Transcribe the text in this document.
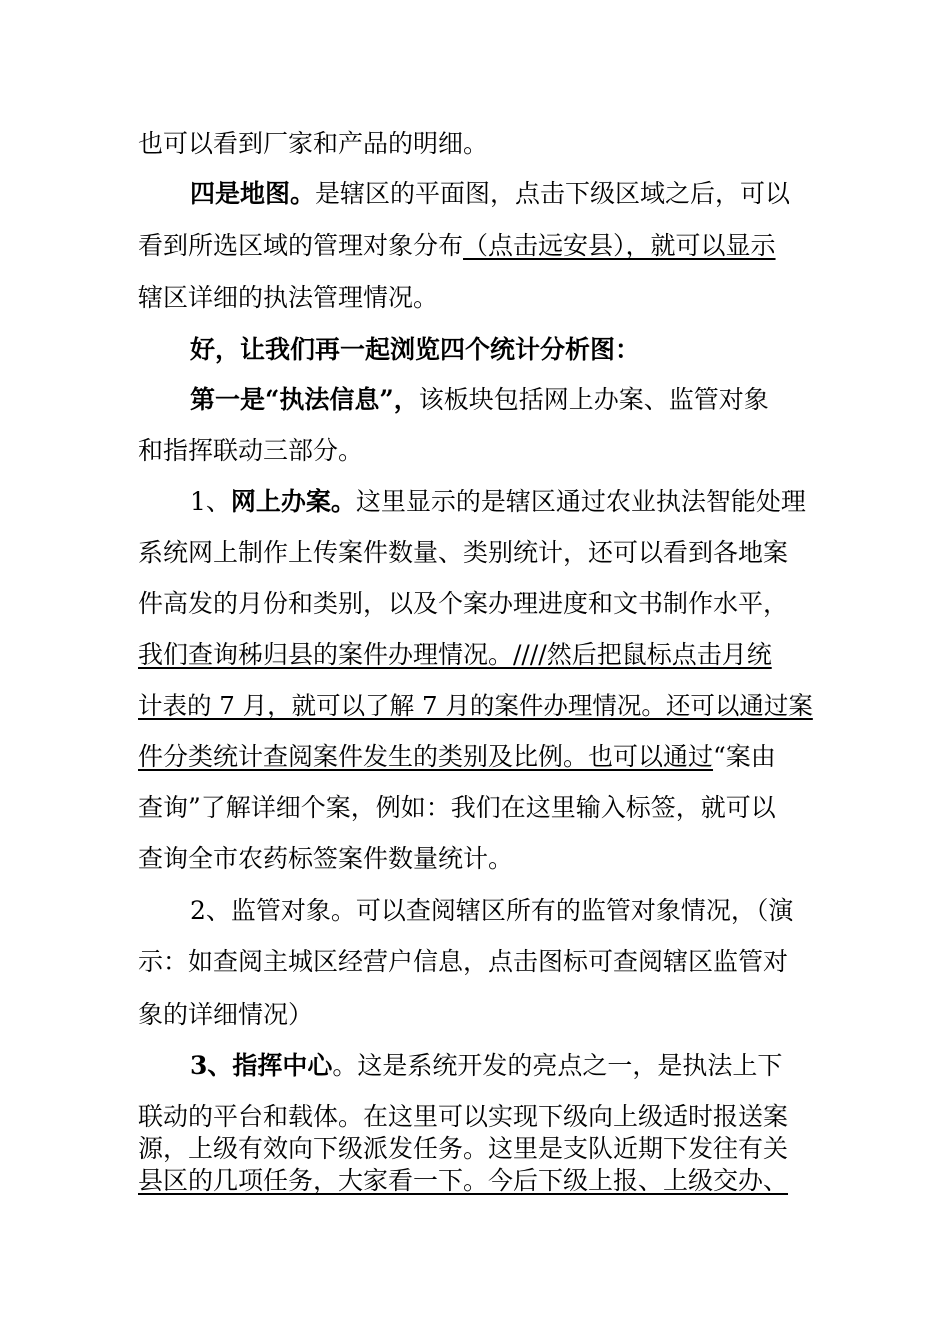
也可以看到厂家和产品的明细。

四是地图。是辖区的平面图，点击下级区域之后，可以

看到所选区域的管理对象分布（点击远安县），就可以显示

辖区详细的执法管理情况。

好，让我们再一起浏览四个统计分析图：

第一是“执法信息”，该板块包括网上办案、监管对象

和指挥联动三部分。

1、网上办案。这里显示的是辖区通过农业执法智能处理

系统网上制作上传案件数量、类别统计，还可以看到各地案

件高发的月份和类别，以及个案办理进度和文书制作水平，

我们查询秭归县的案件办理情况。////然后把鼠标点击月统

计表的 7 月，就可以了解 7 月的案件办理情况。还可以通过案

件分类统计查阅案件发生的类别及比例。也可以通过“案由

查询”了解详细个案，例如：我们在这里输入标签，就可以

查询全市农药标签案件数量统计。

2、监管对象。可以查阅辖区所有的监管对象情况，（演

示：如查阅主城区经营户信息，点击图标可查阅辖区监管对

象的详细情况）

3、指挥中心。这是系统开发的亮点之一，是执法上下

联动的平台和载体。在这里可以实现下级向上级适时报送案

源，上级有效向下级派发任务。这里是支队近期下发往有关

县区的几项任务，大家看一下。今后下级上报、上级交办、
